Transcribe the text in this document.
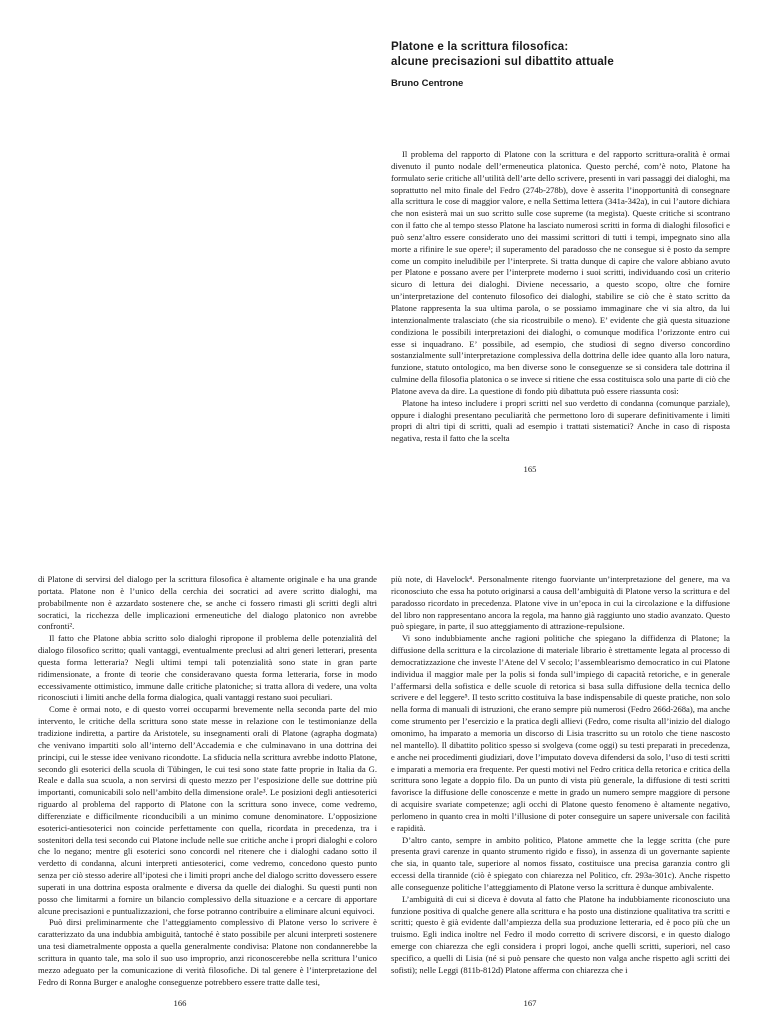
Platone e la scrittura filosofica:
alcune precisazioni sul dibattito attuale
Bruno Centrone

Il problema del rapporto di Platone con la scrittura e del rapporto scrittura-oralità è ormai divenuto il punto nodale dell’ermeneutica platonica. Questo perché, com’è noto, Platone ha formulato serie critiche all’utilità dell’arte dello scrivere, presenti in vari passaggi dei dialoghi, ma soprattutto nel mito finale del Fedro (274b-278b), dove è asserita l’inopportunità di consegnare alla scrittura le cose di maggior valore, e nella Settima lettera (341a-342a), in cui l’autore dichiara che non esisterà mai un suo scritto sulle cose supreme (ta megista). Queste critiche si scontrano con il fatto che al tempo stesso Platone ha lasciato numerosi scritti in forma di dialoghi filosofici e può senz’altro essere considerato uno dei massimi scrittori di tutti i tempi, impegnato sino alla morte a rifinire le sue opere¹; il superamento del paradosso che ne consegue si è posto da sempre come un compito ineludibile per l’interprete. Si tratta dunque di capire che valore abbiano avuto per Platone e possano avere per l’interprete moderno i suoi scritti, individuando così un criterio sicuro di lettura dei dialoghi. Diviene necessario, a questo scopo, oltre che fornire un’interpretazione del contenuto filosofico dei dialoghi, stabilire se ciò che è stato scritto da Platone rappresenta la sua ultima parola, o se possiamo immaginare che vi sia altro, da lui intenzionalmente tralasciato (che sia ricostruibile o meno). E’ evidente che già questa situazione condiziona le possibili interpretazioni dei dialoghi, o comunque modifica l’orizzonte entro cui esse si inquadrano. E’ possibile, ad esempio, che studiosi di segno diverso concordino sostanzialmente sull’interpretazione complessiva della dottrina delle idee quanto alla loro natura, funzione, statuto ontologico, ma ben diverse sono le conseguenze se si considera tale dottrina il culmine della filosofia platonica o se invece si ritiene che essa costituisca solo una parte di ciò che Platone aveva da dire. La questione di fondo più dibattuta può essere riassunta così:

Platone ha inteso includere i propri scritti nel suo verdetto di condanna (comunque parziale), oppure i dialoghi presentano peculiarità che permettono loro di superare definitivamente i limiti propri di altri tipi di scritti, quali ad esempio i trattati sistematici? Anche in caso di risposta negativa, resta il fatto che la scelta

165

di Platone di servirsi del dialogo per la scrittura filosofica è altamente originale e ha una grande portata. Platone non è l’unico della cerchia dei socratici ad avere scritto dialoghi, ma probabilmente non è azzardato sostenere che, se anche ci fossero rimasti gli scritti degli altri socratici, la ricchezza delle implicazioni ermeneutiche del dialogo platonico non avrebbe confronti².

Il fatto che Platone abbia scritto solo dialoghi ripropone il problema delle potenzialità del dialogo filosofico scritto; quali vantaggi, eventualmente preclusi ad altri generi letterari, presenta questa forma letteraria? Negli ultimi tempi tali potenzialità sono state in gran parte ridimensionate, a fronte di teorie che consideravano questa forma letteraria, forse in modo eccessivamente ottimistico, immune dalle critiche platoniche; si tratta allora di vedere, una volta riconosciuti i limiti anche della forma dialogica, quali vantaggi restano suoi peculiari.

Come è ormai noto, e di questo vorrei occuparmi brevemente nella seconda parte del mio intervento, le critiche della scrittura sono state messe in relazione con le testimonianze della tradizione indiretta, a partire da Aristotele, su insegnamenti orali di Platone (agrapha dogmata) che venivano impartiti solo all’interno dell’Accademia e che culminavano in una dottrina dei principi, cui le stesse idee venivano ricondotte. La sfiducia nella scrittura avrebbe indotto Platone, secondo gli esoterici della scuola di Tübingen, le cui tesi sono state fatte proprie in Italia da G. Reale e dalla sua scuola, a non servirsi di questo mezzo per l’esposizione delle sue dottrine più importanti, comunicabili solo nell’ambito della dimensione orale³. Le posizioni degli antiesoterici riguardo al problema del rapporto di Platone con la scrittura sono invece, come vedremo, differenziate e difficilmente riconducibili a un minimo comune denominatore. L’opposizione esoterici-antiesoterici non coincide perfettamente con quella, ricordata in precedenza, tra i sostenitori della tesi secondo cui Platone include nelle sue critiche anche i propri dialoghi e coloro che lo negano; mentre gli esoterici sono concordi nel ritenere che i dialoghi cadano sotto il verdetto di condanna, alcuni interpreti antiesoterici, come vedremo, concedono questo punto senza per ciò stesso aderire all’ipotesi che i limiti propri anche del dialogo scritto dovessero essere superati in una dottrina esposta oralmente e diversa da quelle dei dialoghi. Su questi punti non posso che limitarmi a fornire un bilancio complessivo della situazione e a cercare di apportare alcune precisazioni e puntualizzazioni, che forse potranno contribuire a eliminare alcuni equivoci.

Può dirsi preliminarmente che l’atteggiamento complessivo di Platone verso lo scrivere è caratterizzato da una indubbia ambiguità, tantoché è stato possibile per alcuni interpreti sostenere una tesi diametralmente opposta a quella generalmente condivisa: Platone non condannerebbe la scrittura in quanto tale, ma solo il suo uso improprio, anzi riconoscerebbe nella scrittura l’unico mezzo adeguato per la comunicazione di verità filosofiche. Di tal genere è l’interpretazione del Fedro di Ronna Burger e analoghe conseguenze potrebbero essere tratte dalle tesi,

166

più note, di Havelock⁴. Personalmente ritengo fuorviante un’interpretazione del genere, ma va riconosciuto che essa ha potuto originarsi a causa dell’ambiguità di Platone verso la scrittura e del paradosso ricordato in precedenza. Platone vive in un’epoca in cui la circolazione e la diffusione del libro non rappresentano ancora la regola, ma hanno già raggiunto uno stadio avanzato. Questo può spiegare, in parte, il suo atteggiamento di attrazione-repulsione.

Vi sono indubbiamente anche ragioni politiche che spiegano la diffidenza di Platone; la diffusione della scrittura e la circolazione di materiale librario è strettamente legata al processo di democratizzazione che investe l’Atene del V secolo; l’assemblearismo democratico in cui Platone individua il maggior male per la polis si fonda sull’impiego di capacità retoriche, e in generale l’affermarsi della sofistica e delle scuole di retorica si basa sulla diffusione della tecnica dello scrivere e del leggere⁵. Il testo scritto costituiva la base indispensabile di queste pratiche, non solo nella forma di manuali di istruzioni, che erano sempre più numerosi (Fedro 266d-268a), ma anche come strumento per l’esercizio e la pratica degli allievi (Fedro, come risulta all’inizio del dialogo omonimo, ha imparato a memoria un discorso di Lisia trascritto su un rotolo che tiene nascosto nel mantello). Il dibattito politico spesso si svolgeva (come oggi) su testi preparati in precedenza, e anche nei procedimenti giudiziari, dove l’imputato doveva difendersi da solo, l’uso di testi scritti e imparati a memoria era frequente. Per questi motivi nel Fedro critica della retorica e critica della scrittura sono legate a doppio filo. Da un punto di vista più generale, la diffusione di testi scritti favorisce la diffusione delle conoscenze e mette in grado un numero sempre maggiore di persone di acquisire svariate competenze; agli occhi di Platone questo fenomeno è altamente negativo, perlomeno in quanto crea in molti l’illusione di poter conseguire un sapere universale con facilità e rapidità.

D’altro canto, sempre in ambito politico, Platone ammette che la legge scritta (che pure presenta gravi carenze in quanto strumento rigido e fisso), in assenza di un governante sapiente che sia, in quanto tale, superiore al nomos fissato, costituisce una precisa garanzia contro gli eccessi della tirannide (ciò è spiegato con chiarezza nel Politico, cfr. 293a-301c). Anche rispetto alle conseguenze politiche l’atteggiamento di Platone verso la scrittura è dunque ambivalente.

L’ambiguità di cui si diceva è dovuta al fatto che Platone ha indubbiamente riconosciuto una funzione positiva di qualche genere alla scrittura e ha posto una distinzione qualitativa tra scritti e scritti; questo è già evidente dall’ampiezza della sua produzione letteraria, ed è poco più che un truismo. Egli indica inoltre nel Fedro il modo corretto di scrivere discorsi, e in questo dialogo emerge con chiarezza che egli considera i propri logoi, anche quelli scritti, superiori, nel caso specifico, a quelli di Lisia (né si può pensare che questo non valga anche rispetto agli scritti dei sofisti); nelle Leggi (811b-812d) Platone afferma con chiarezza che i

167
